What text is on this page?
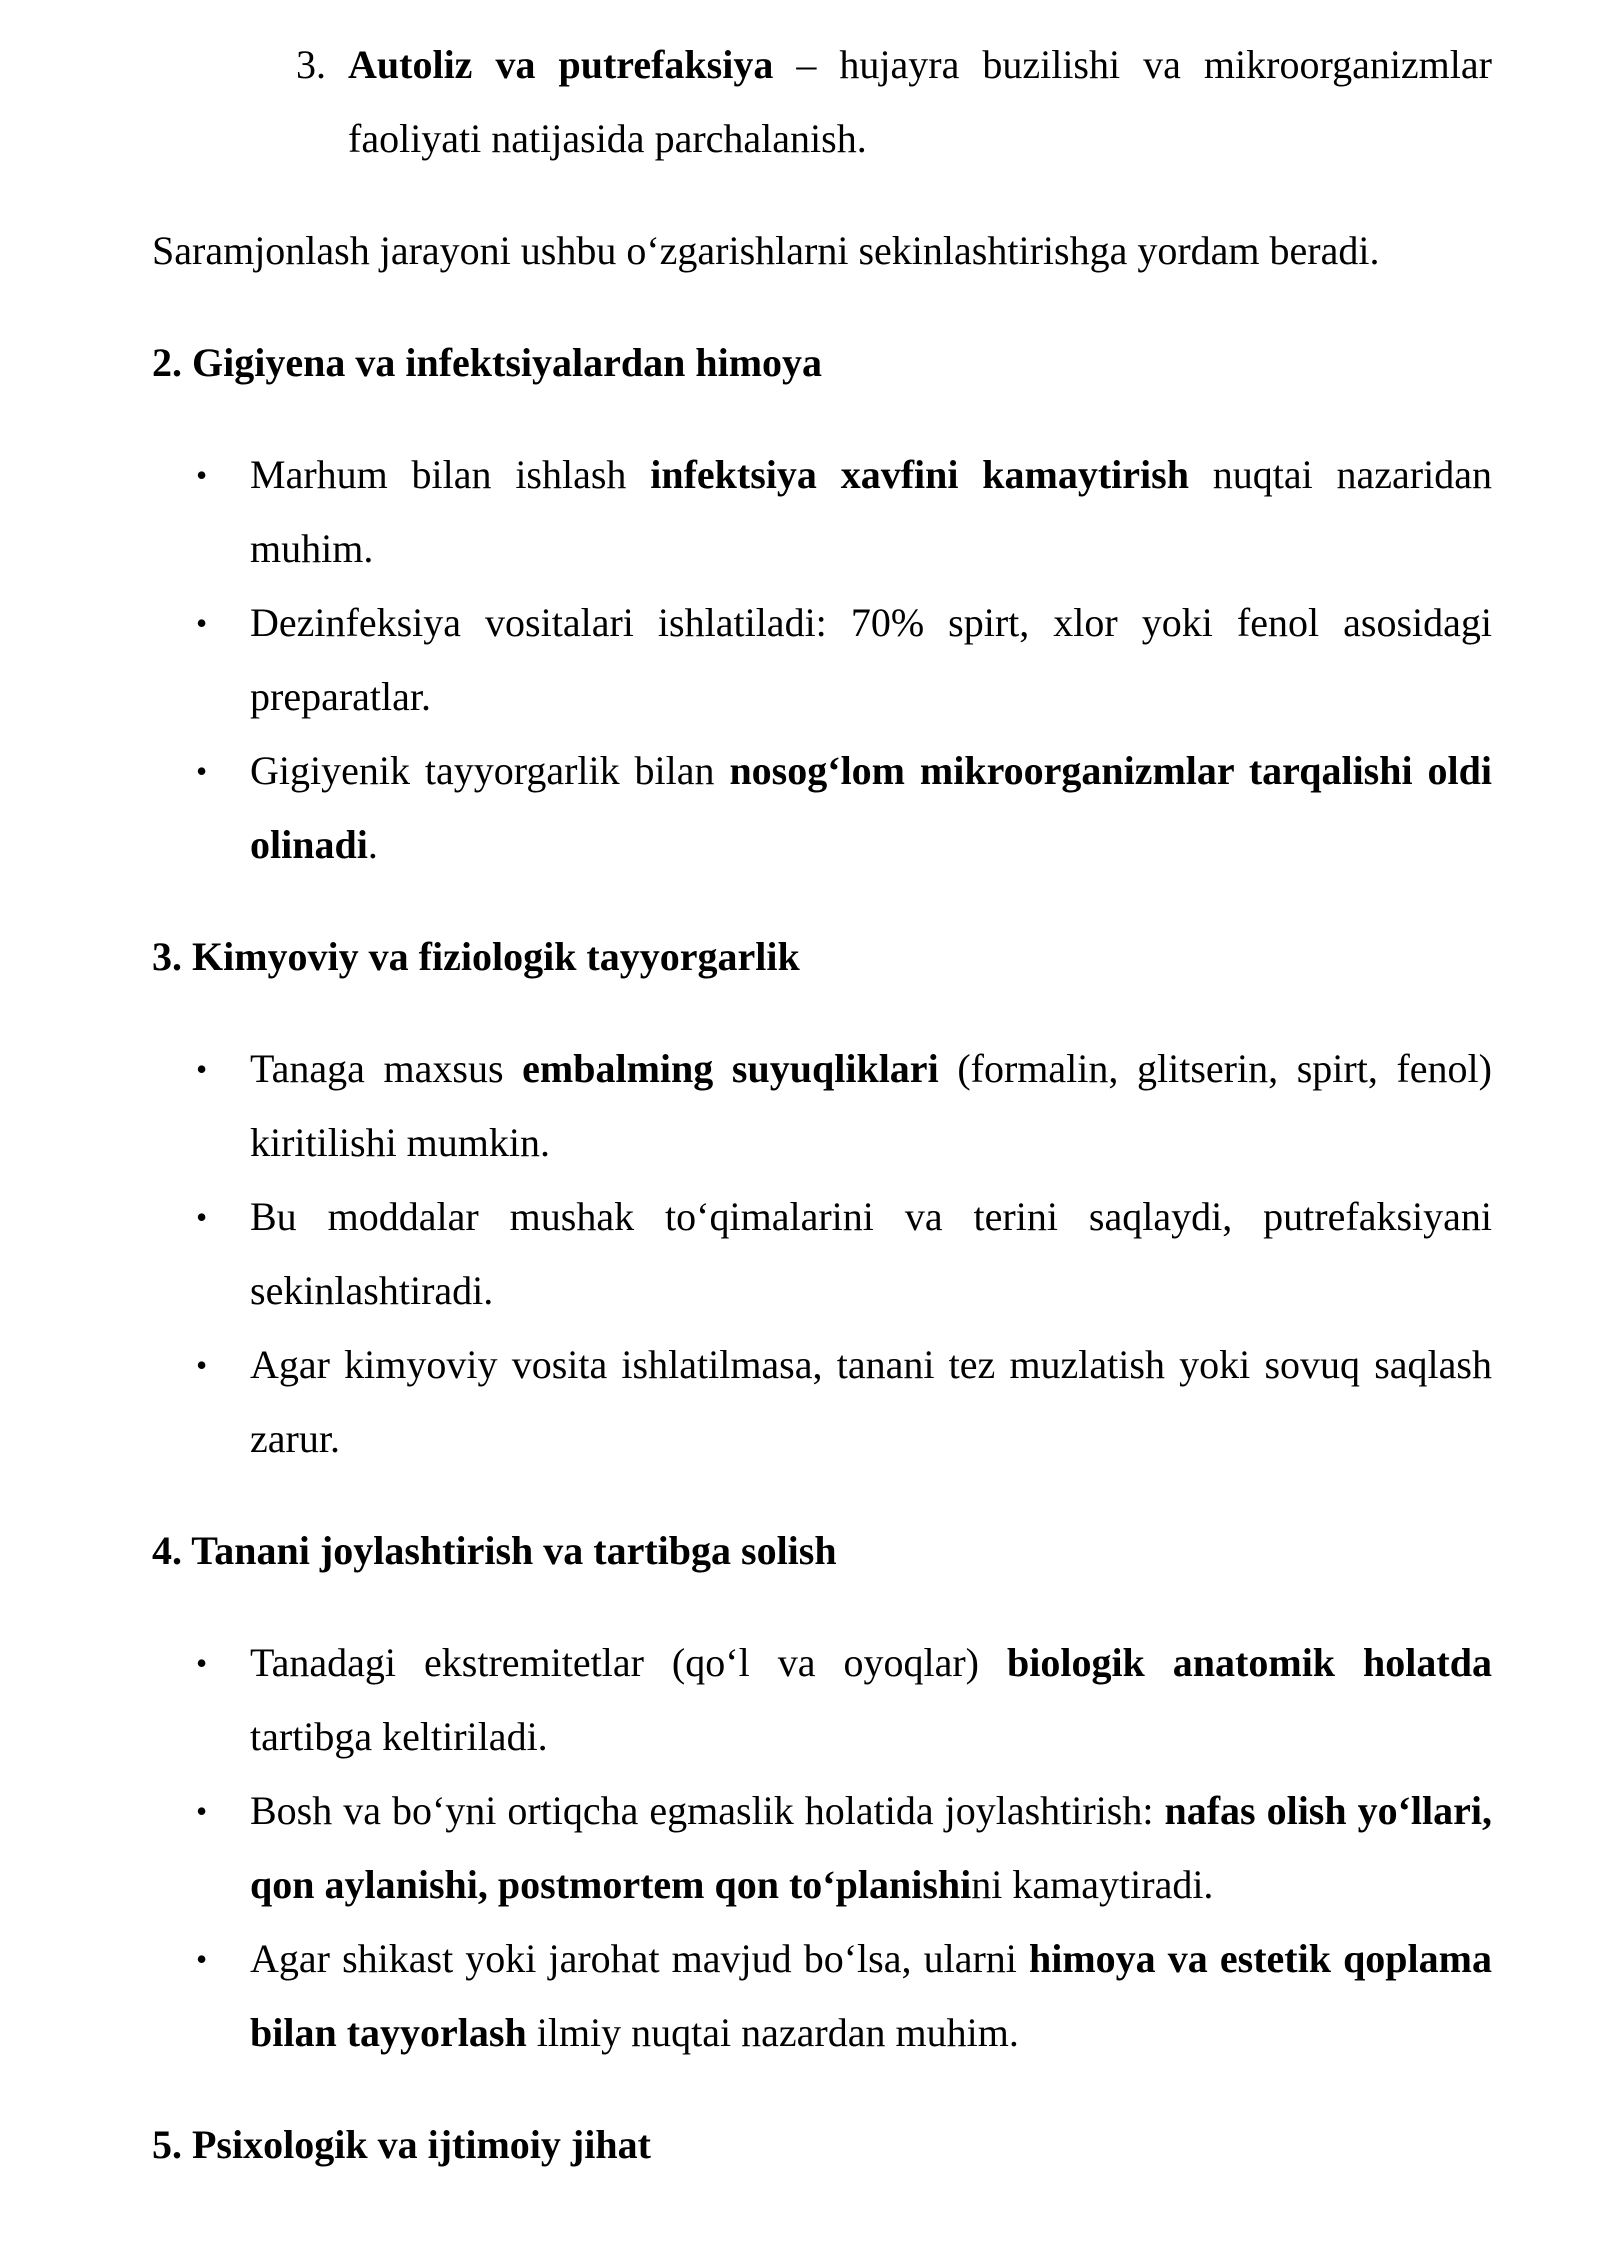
3. Autoliz va putrefaksiya – hujayra buzilishi va mikroorganizmlar faoliyati natijasida parchalanish.

Saramjonlash jarayoni ushbu o‘zgarishlarni sekinlashtirishga yordam beradi.

2. Gigiyena va infektsiyalardan himoya
• Marhum bilan ishlash infektsiya xavfini kamaytirish nuqtai nazaridan muhim.
• Dezinfeksiya vositalari ishlatiladi: 70% spirt, xlor yoki fenol asosidagi preparatlar.
• Gigiyenik tayyorgarlik bilan nosog‘lom mikroorganizmlar tarqalishi oldi olinadi.
3. Kimyoviy va fiziologik tayyorgarlik
• Tanaga maxsus embalming suyuqliklari (formalin, glitserin, spirt, fenol) kiritilishi mumkin.
• Bu moddalar mushak to‘qimalarini va terini saqlaydi, putrefaksiyani sekinlashtiradi.
• Agar kimyoviy vosita ishlatilmasa, tanani tez muzlatish yoki sovuq saqlash zarur.
4. Tanani joylashtirish va tartibga solish
• Tanadagi ekstremitetlar (qo‘l va oyoqlar) biologik anatomik holatda tartibga keltiriladi.
• Bosh va bo‘yni ortiqcha egmaslik holatida joylashtirish: nafas olish yo‘llari, qon aylanishi, postmortem qon to‘planishini kamaytiradi.
• Agar shikast yoki jarohat mavjud bo‘lsa, ularni himoya va estetik qoplama bilan tayyorlash ilmiy nuqtai nazardan muhim.
5. Psixologik va ijtimoiy jihat
